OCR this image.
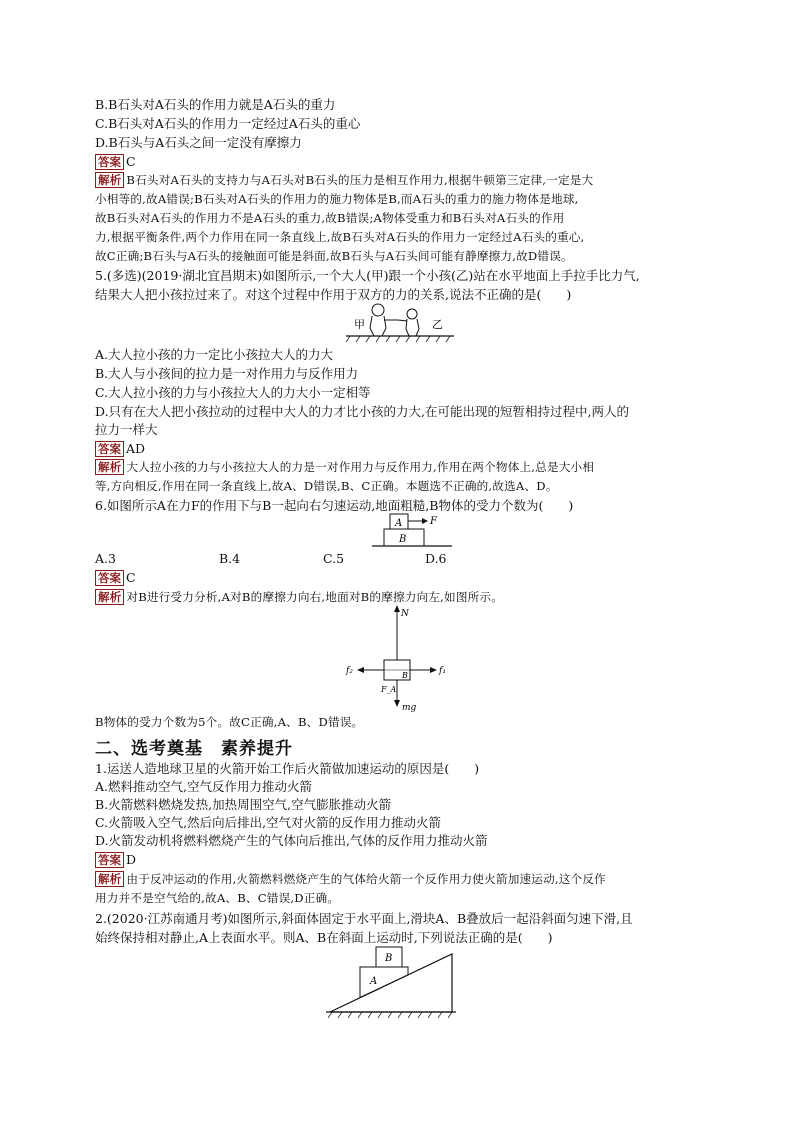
B.B石头对A石头的作用力就是A石头的重力
C.B石头对A石头的作用力一定经过A石头的重心
D.B石头与A石头之间一定没有摩擦力
答案 C
解析 B石头对A石头的支持力与A石头对B石头的压力是相互作用力,根据牛顿第三定律,一定是大
小相等的,故A错误;B石头对A石头的作用力的施力物体是B,而A石头的重力的施力物体是地球,
故B石头对A石头的作用力不是A石头的重力,故B错误;A物体受重力和B石头对A石头的作用
力,根据平衡条件,两个力作用在同一条直线上,故B石头对A石头的作用力一定经过A石头的重心,
故C正确;B石头与A石头的接触面可能是斜面,故B石头与A石头间可能有静摩擦力,故D错误。
5.(多选)(2019·湖北宜昌期末)如图所示,一个大人(甲)跟一个小孩(乙)站在水平地面上手拉手比力气,
结果大人把小孩拉过来了。对这个过程中作用于双方的力的关系,说法不正确的是(　　)
甲	乙
A.大人拉小孩的力一定比小孩拉大人的力大
B.大人与小孩间的拉力是一对作用力与反作用力
C.大人拉小孩的力与小孩拉大人的力大小一定相等
D.只有在大人把小孩拉动的过程中大人的力才比小孩的力大,在可能出现的短暂相持过程中,两人的
拉力一样大
答案 AD
解析 大人拉小孩的力与小孩拉大人的力是一对作用力与反作用力,作用在两个物体上,总是大小相
等,方向相反,作用在同一条直线上,故A、D错误,B、C正确。本题选不正确的,故选A、D。
6.如图所示A在力F的作用下与B一起向右匀速运动,地面粗糙,B物体的受力个数为(　　)
A
B
F
A.3	B.4	C.5	D.6
答案 C
解析 对B进行受力分析,A对B的摩擦力向右,地面对B的摩擦力向左,如图所示。
N
f₂	f₁
B
F_A
mg
B物体的受力个数为5个。故C正确,A、B、D错误。
二、选考奠基　素养提升
1.运送人造地球卫星的火箭开始工作后火箭做加速运动的原因是(　　)
A.燃料推动空气,空气反作用力推动火箭
B.火箭燃料燃烧发热,加热周围空气,空气膨胀推动火箭
C.火箭吸入空气,然后向后排出,空气对火箭的反作用力推动火箭
D.火箭发动机将燃料燃烧产生的气体向后推出,气体的反作用力推动火箭
答案 D
解析 由于反冲运动的作用,火箭燃料燃烧产生的气体给火箭一个反作用力使火箭加速运动,这个反作
用力并不是空气给的,故A、B、C错误,D正确。
2.(2020·江苏南通月考)如图所示,斜面体固定于水平面上,滑块A、B叠放后一起沿斜面匀速下滑,且
始终保持相对静止,A上表面水平。则A、B在斜面上运动时,下列说法正确的是(　　)
A
B
